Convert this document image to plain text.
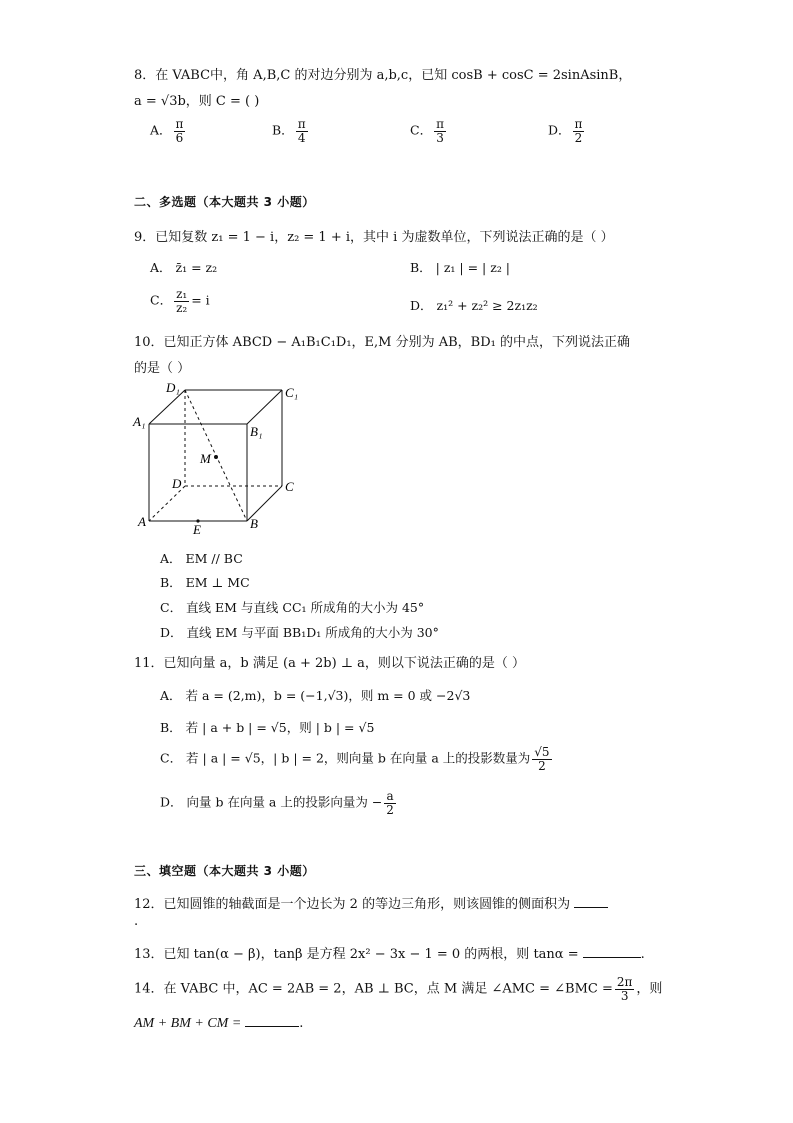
8．在 VABC中，角 A,B,C 的对边分别为 a,b,c，已知 cosB + cosC = 2sinAsinB，
a = √3b，则 C = ( )
A． $\frac{\pi}{6}$	B． $\frac{\pi}{4}$	C． $\frac{\pi}{3}$	D． $\frac{\pi}{2}$
二、多选题（本大题共 3 小题）
9．已知复数 z₁ = 1 − i，z₂ = 1 + i，其中 i 为虚数单位，下列说法正确的是（ ）
A． z̄₁ = z₂	B． | z₁ | = | z₂ |
C． $\frac{\text{z₁}}{\text{z₂}} = i$	D． z₁² + z₂² ≥ 2z₁z₂
10．已知正方体 ABCD − A₁B₁C₁D₁，E,M 分别为 AB，BD₁ 的中点，下列说法正确
的是（ ）
D₁	C₁
A₁
B₁
M
D	C
A	B
E
A． EM // BC
B． EM ⊥ MC
C． 直线 EM 与直线 CC₁ 所成角的大小为 45°
D． 直线 EM 与平面 BB₁D₁ 所成角的大小为 30°
11．已知向量 a，b 满足 (a + 2b) ⊥ a，则以下说法正确的是（ ）
A． 若 a = (2,m)，b = (−1,√3)，则 m = 0 或 −2√3
B． 若 | a + b | = √5，则 | b | = √5
C． 若 | a | = √5，| b | = 2，则向量 b 在向量 a 上的投影数量为 $\frac{√5}{2}$
D． 向量 b 在向量 a 上的投影向量为 − $\frac{a}{2}$
三、填空题（本大题共 3 小题）
12．已知圆锥的轴截面是一个边长为 2 的等边三角形，则该圆锥的侧面积为
.
13．已知 tan(α − β)，tanβ 是方程 2x² − 3x − 1 = 0 的两根，则 tanα =	.
14．在 VABC 中，AC = 2AB = 2，AB ⊥ BC，点 M 满足 ∠AMC = ∠BMC = $\frac{2\pi}{3}$ ，则
AM + BM + CM =	.
